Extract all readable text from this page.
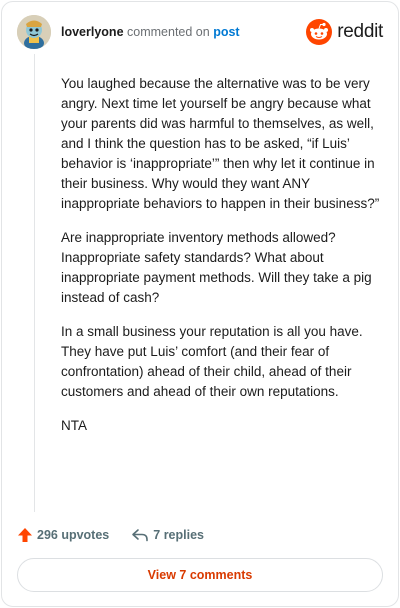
loverlyone commented on post	reddit

You laughed because the alternative was to be very angry. Next time let yourself be angry because what your parents did was harmful to themselves, as well, and I think the question has to be asked, “if Luis’ behavior is ‘inappropriate’” then why let it continue in their business. Why would they want ANY inappropriate behaviors to happen in their business?”

Are inappropriate inventory methods allowed? Inappropriate safety standards? What about inappropriate payment methods. Will they take a pig instead of cash?

In a small business your reputation is all you have. They have put Luis’ comfort (and their fear of confrontation) ahead of their child, ahead of their customers and ahead of their own reputations.

NTA

296 upvotes	7 replies
View 7 comments
